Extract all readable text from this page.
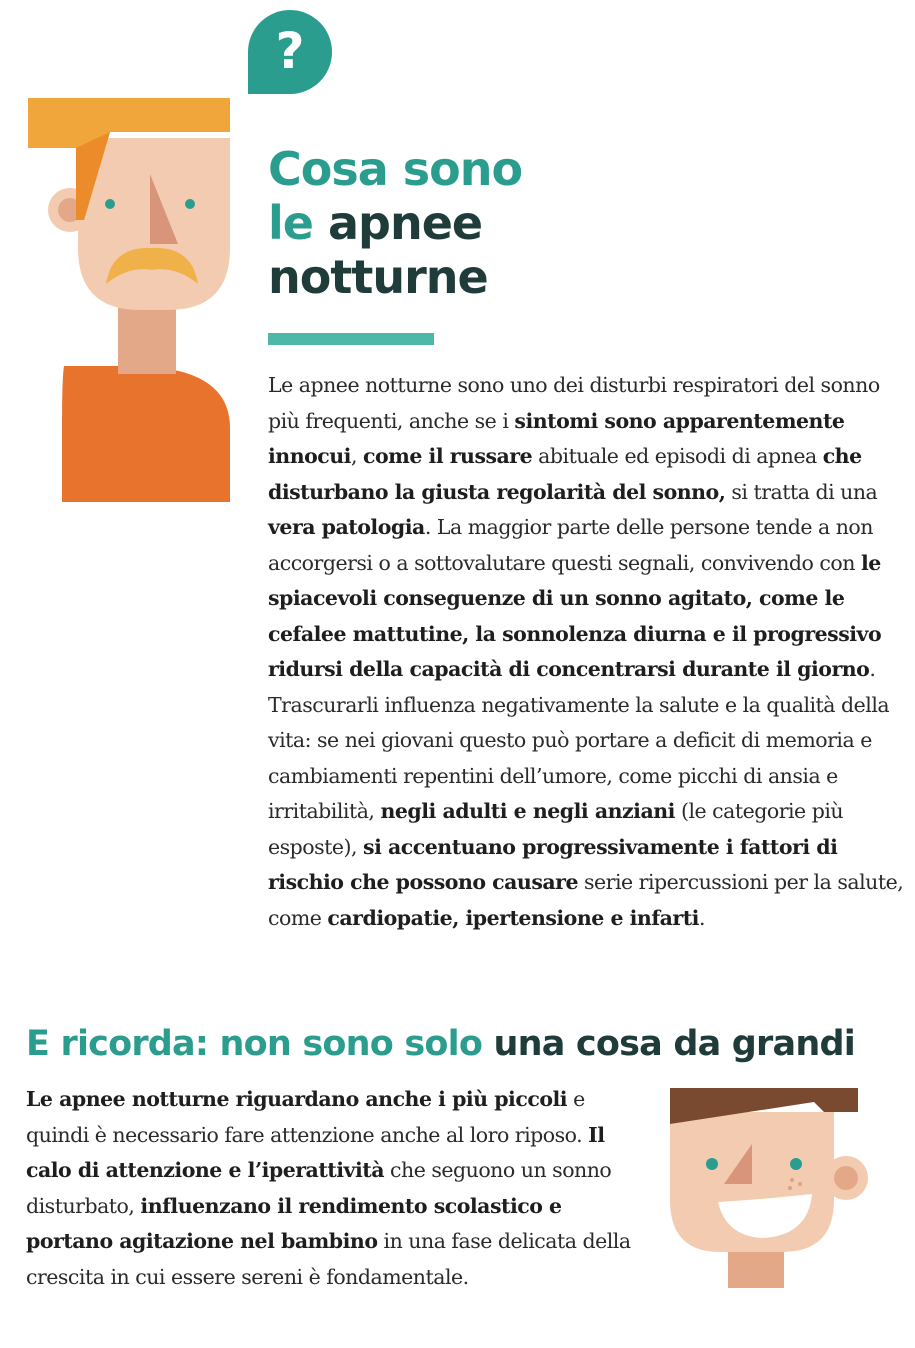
?
Cosa sono
le apnee
notturne
Le apnee notturne sono uno dei disturbi respiratori del sonno più frequenti, anche se i sintomi sono apparentemente innocui, come il russare abituale ed episodi di apnea che disturbano la giusta regolarità del sonno, si tratta di una vera patologia. La maggior parte delle persone tende a non accorgersi o a sottovalutare questi segnali, convivendo con le spiacevoli conseguenze di un sonno agitato, come le cefalee mattutine, la sonnolenza diurna e il progressivo ridursi della capacità di concentrarsi durante il giorno. Trascurarli influenza negativamente la salute e la qualità della vita: se nei giovani questo può portare a deficit di memoria e cambiamenti repentini dell’umore, come picchi di ansia e irritabilità, negli adulti e negli anziani (le categorie più esposte), si accentuano progressivamente i fattori di rischio che possono causare serie ripercussioni per la salute, come cardiopatie, ipertensione e infarti.
E ricorda: non sono solo una cosa da grandi
Le apnee notturne riguardano anche i più piccoli e quindi è necessario fare attenzione anche al loro riposo. Il calo di attenzione e l’iperattività che seguono un sonno disturbato, influenzano il rendimento scolastico e portano agitazione nel bambino in una fase delicata della crescita in cui essere sereni è fondamentale.
